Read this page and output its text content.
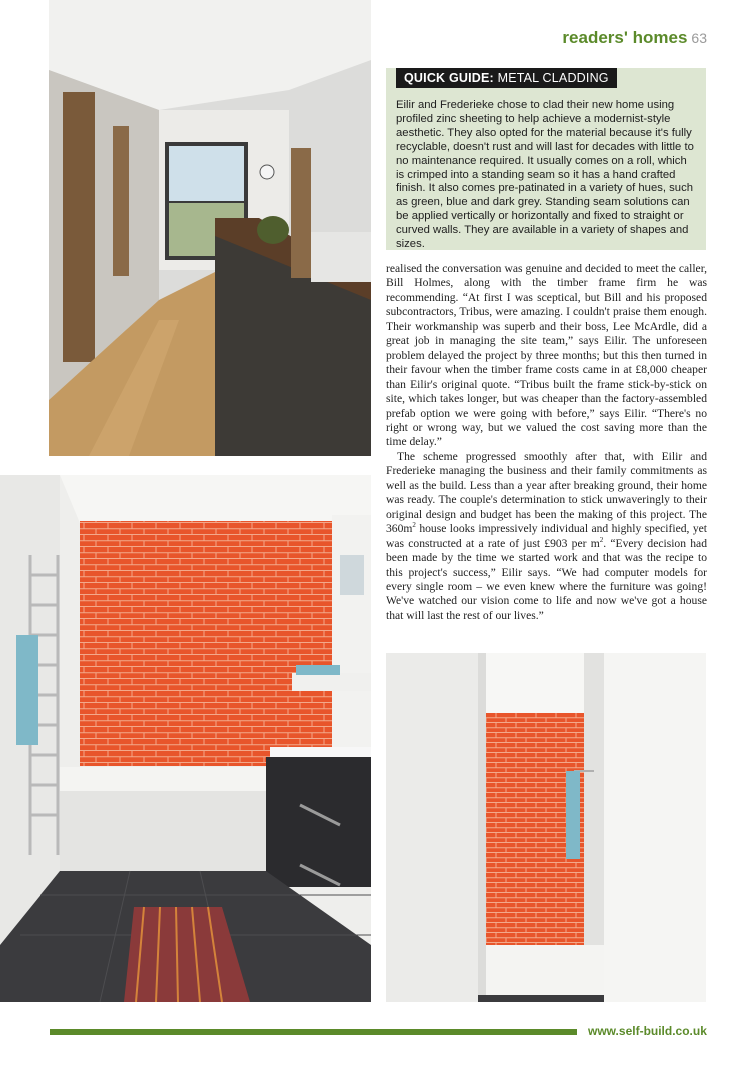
readers' homes 63
QUICK GUIDE: METAL CLADDING

Eilir and Frederieke chose to clad their new home using profiled zinc sheeting to help achieve a modernist-style aesthetic. They also opted for the material because it's fully recyclable, doesn't rust and will last for decades with little to no maintenance required. It usually comes on a roll, which is crimped into a standing seam so it has a hand crafted finish. It also comes pre-patinated in a variety of hues, such as green, blue and dark grey. Standing seam solutions can be applied vertically or horizontally and fixed to straight or curved walls. They are available in a variety of shapes and sizes.

realised the conversation was genuine and decided to meet the caller, Bill Holmes, along with the timber frame firm he was recommending. “At first I was sceptical, but Bill and his proposed subcontractors, Tribus, were amazing. I couldn't praise them enough. Their workmanship was superb and their boss, Lee McArdle, did a great job in managing the site team,” says Eilir. The unforeseen problem delayed the project by three months; but this then turned in their favour when the timber frame costs came in at £8,000 cheaper than Eilir's original quote. “Tribus built the frame stick-by-stick on site, which takes longer, but was cheaper than the factory-assembled prefab option we were going with before,” says Eilir. “There's no right or wrong way, but we valued the cost saving more than the time delay.”

The scheme progressed smoothly after that, with Eilir and Frederieke managing the business and their family commitments as well as the build. Less than a year after breaking ground, their home was ready. The couple's determination to stick unwaveringly to their original design and budget has been the making of this project. The $360m^2$ house looks impressively individual and highly specified, yet was constructed at a rate of just £903 per $m^2$. “Every decision had been made by the time we started work and that was the recipe to this project's success,” Eilir says. “We had computer models for every single room – we even knew where the furniture was going! We've watched our vision come to life and now we've got a house that will last the rest of our lives.”

www.self-build.co.uk
